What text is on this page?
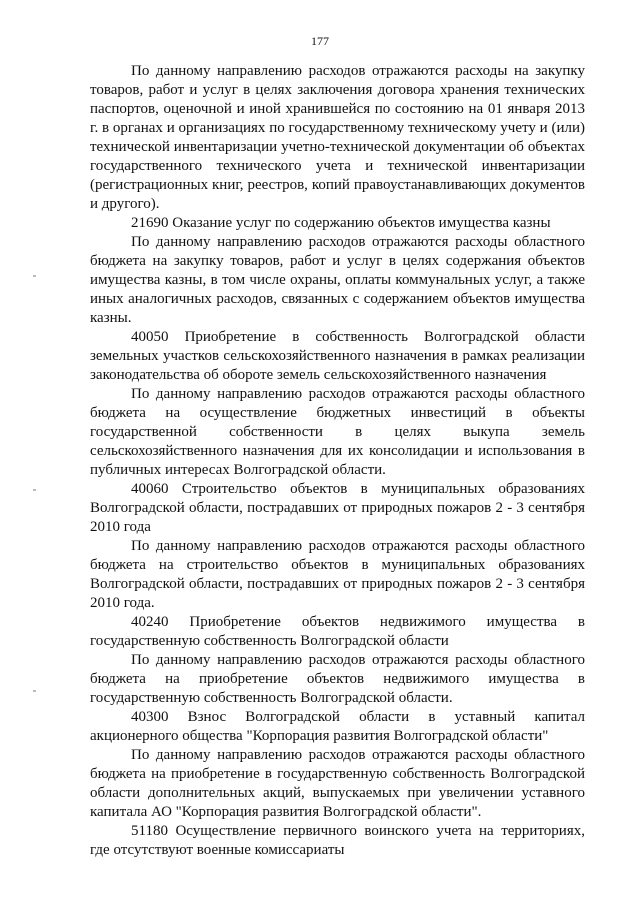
177

По данному направлению расходов отражаются расходы на закупку товаров, работ и услуг в целях заключения договора хранения технических паспортов, оценочной и иной хранившейся по состоянию на 01 января 2013 г. в органах и организациях по государственному техническому учету и (или) технической инвентаризации учетно-технической документации об объектах государственного технического учета и технической инвентаризации (регистрационных книг, реестров, копий правоустанавливающих документов и другого).

21690 Оказание услуг по содержанию объектов имущества казны

По данному направлению расходов отражаются расходы областного бюджета на закупку товаров, работ и услуг в целях содержания объектов имущества казны, в том числе охраны, оплаты коммунальных услуг, а также иных аналогичных расходов, связанных с содержанием объектов имущества казны.

40050 Приобретение в собственность Волгоградской области земельных участков сельскохозяйственного назначения в рамках реализации законодательства об обороте земель сельскохозяйственного назначения

По данному направлению расходов отражаются расходы областного бюджета на осуществление бюджетных инвестиций в объекты государственной собственности в целях выкупа земель сельскохозяйственного назначения для их консолидации и использования в публичных интересах Волгоградской области.

40060 Строительство объектов в муниципальных образованиях Волгоградской области, пострадавших от природных пожаров 2 - 3 сентября 2010 года

По данному направлению расходов отражаются расходы областного бюджета на строительство объектов в муниципальных образованиях Волгоградской области, пострадавших от природных пожаров 2 - 3 сентября 2010 года.

40240 Приобретение объектов недвижимого имущества в государственную собственность Волгоградской области

По данному направлению расходов отражаются расходы областного бюджета на приобретение объектов недвижимого имущества в государственную собственность Волгоградской области.

40300 Взнос Волгоградской области в уставный капитал акционерного общества "Корпорация развития Волгоградской области"

По данному направлению расходов отражаются расходы областного бюджета на приобретение в государственную собственность Волгоградской области дополнительных акций, выпускаемых при увеличении уставного капитала АО "Корпорация развития Волгоградской области".

51180 Осуществление первичного воинского учета на территориях, где отсутствуют военные комиссариаты
